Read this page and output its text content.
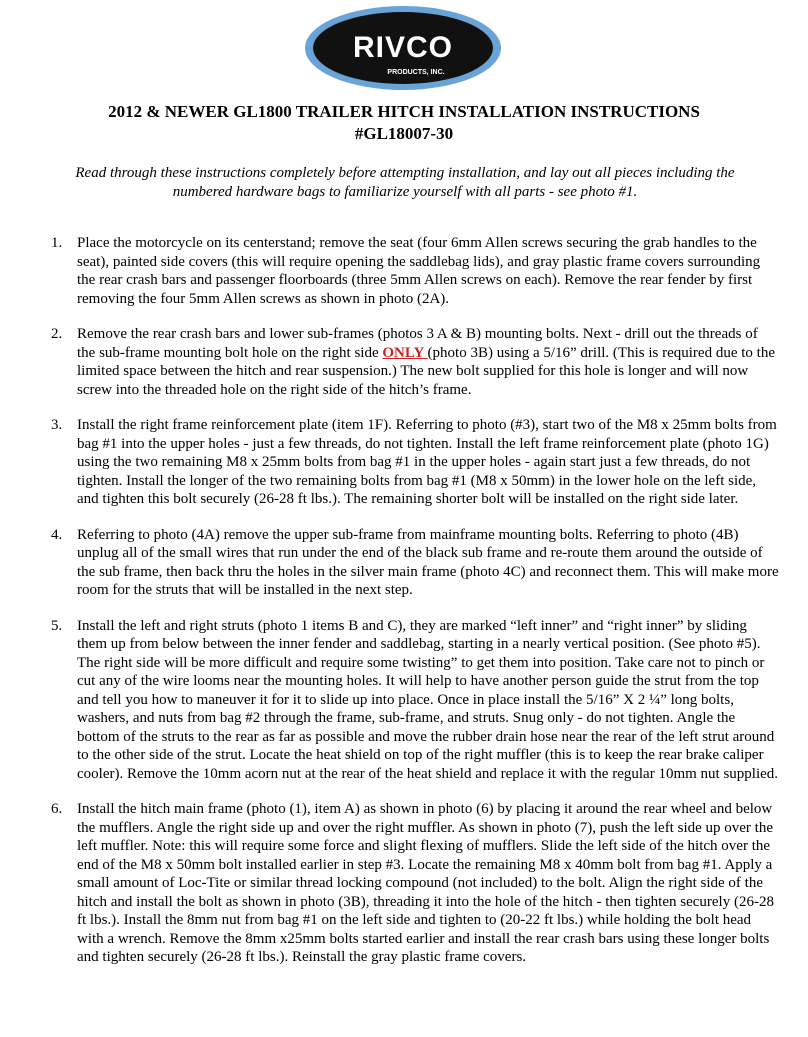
RIVCO
PRODUCTS, INC.
2012 & NEWER GL1800 TRAILER HITCH INSTALLATION INSTRUCTIONS
#GL18007-30
Read through these instructions completely before attempting installation, and lay out all pieces including the numbered hardware bags to familiarize yourself with all parts - see photo #1.
1. Place the motorcycle on its centerstand; remove the seat (four 6mm Allen screws securing the grab handles to the seat), painted side covers (this will require opening the saddlebag lids), and gray plastic frame covers surrounding the rear crash bars and passenger floorboards (three 5mm Allen screws on each). Remove the rear fender by first removing the four 5mm Allen screws as shown in photo (2A).
2. Remove the rear crash bars and lower sub-frames (photos 3 A & B) mounting bolts. Next - drill out the threads of the sub-frame mounting bolt hole on the right side ONLY (photo 3B) using a 5/16” drill. (This is required due to the limited space between the hitch and rear suspension.) The new bolt supplied for this hole is longer and will now screw into the threaded hole on the right side of the hitch’s frame.
3. Install the right frame reinforcement plate (item 1F). Referring to photo (#3), start two of the M8 x 25mm bolts from bag #1 into the upper holes - just a few threads, do not tighten. Install the left frame reinforcement plate (photo 1G) using the two remaining M8 x 25mm bolts from bag #1 in the upper holes - again start just a few threads, do not tighten. Install the longer of the two remaining bolts from bag #1 (M8 x 50mm) in the lower hole on the left side, and tighten this bolt securely (26-28 ft lbs.). The remaining shorter bolt will be installed on the right side later.
4. Referring to photo (4A) remove the upper sub-frame from mainframe mounting bolts. Referring to photo (4B) unplug all of the small wires that run under the end of the black sub frame and re-route them around the outside of the sub frame, then back thru the holes in the silver main frame (photo 4C) and reconnect them. This will make more room for the struts that will be installed in the next step.
5. Install the left and right struts (photo 1 items B and C), they are marked “left inner” and “right inner” by sliding them up from below between the inner fender and saddlebag, starting in a nearly vertical position. (See photo #5). The right side will be more difficult and require some twisting” to get them into position. Take care not to pinch or cut any of the wire looms near the mounting holes. It will help to have another person guide the strut from the top and tell you how to maneuver it for it to slide up into place. Once in place install the 5/16” X 2 ¼” long bolts, washers, and nuts from bag #2 through the frame, sub-frame, and struts. Snug only - do not tighten. Angle the bottom of the struts to the rear as far as possible and move the rubber drain hose near the rear of the left strut around to the other side of the strut. Locate the heat shield on top of the right muffler (this is to keep the rear brake caliper cooler). Remove the 10mm acorn nut at the rear of the heat shield and replace it with the regular 10mm nut supplied.
6. Install the hitch main frame (photo (1), item A) as shown in photo (6) by placing it around the rear wheel and below the mufflers. Angle the right side up and over the right muffler. As shown in photo (7), push the left side up over the left muffler. Note: this will require some force and slight flexing of mufflers. Slide the left side of the hitch over the end of the M8 x 50mm bolt installed earlier in step #3. Locate the remaining M8 x 40mm bolt from bag #1. Apply a small amount of Loc-Tite or similar thread locking compound (not included) to the bolt. Align the right side of the hitch and install the bolt as shown in photo (3B), threading it into the hole of the hitch - then tighten securely (26-28 ft lbs.). Install the 8mm nut from bag #1 on the left side and tighten to (20-22 ft lbs.) while holding the bolt head with a wrench. Remove the 8mm x25mm bolts started earlier and install the rear crash bars using these longer bolts and tighten securely (26-28 ft lbs.). Reinstall the gray plastic frame covers.
